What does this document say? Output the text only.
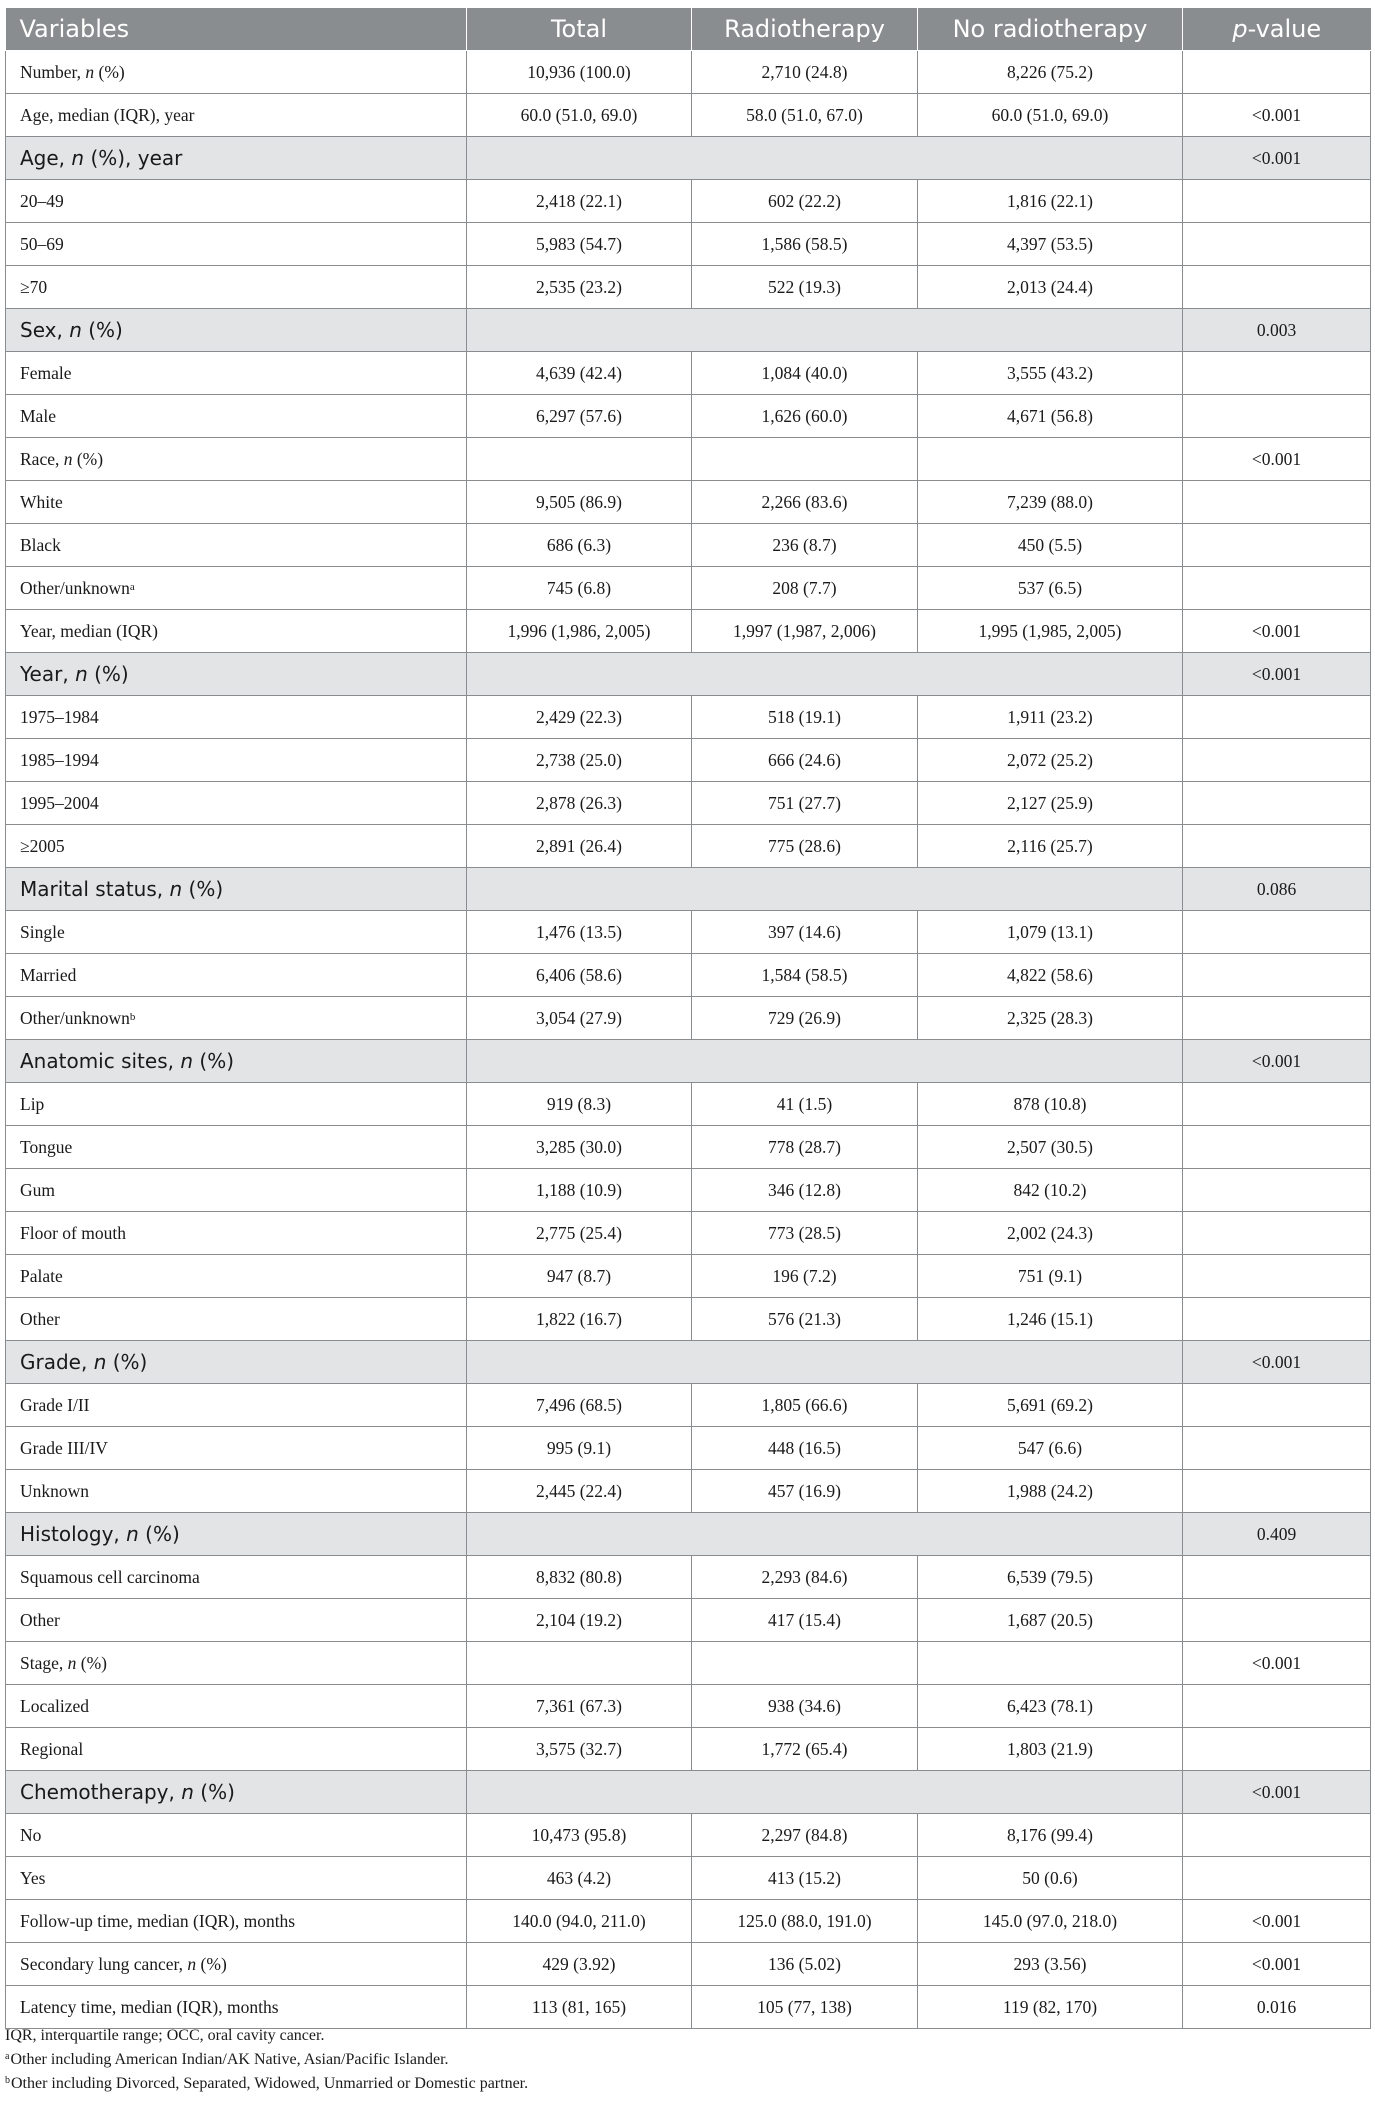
Variables	Total	Radiotherapy	No radiotherapy	p-value
Number, n (%)	10,936 (100.0)	2,710 (24.8)	8,226 (75.2)	
Age, median (IQR), year	60.0 (51.0, 69.0)	58.0 (51.0, 67.0)	60.0 (51.0, 69.0)	<0.001
Age, n (%), year				<0.001
20–49	2,418 (22.1)	602 (22.2)	1,816 (22.1)	
50–69	5,983 (54.7)	1,586 (58.5)	4,397 (53.5)	
≥70	2,535 (23.2)	522 (19.3)	2,013 (24.4)	
Sex, n (%)				0.003
Female	4,639 (42.4)	1,084 (40.0)	3,555 (43.2)	
Male	6,297 (57.6)	1,626 (60.0)	4,671 (56.8)	
Race, n (%)				<0.001
White	9,505 (86.9)	2,266 (83.6)	7,239 (88.0)	
Black	686 (6.3)	236 (8.7)	450 (5.5)	
Other/unknown$^a$	745 (6.8)	208 (7.7)	537 (6.5)	
Year, median (IQR)	1,996 (1,986, 2,005)	1,997 (1,987, 2,006)	1,995 (1,985, 2,005)	<0.001
Year, n (%)				<0.001
1975–1984	2,429 (22.3)	518 (19.1)	1,911 (23.2)	
1985–1994	2,738 (25.0)	666 (24.6)	2,072 (25.2)	
1995–2004	2,878 (26.3)	751 (27.7)	2,127 (25.9)	
≥2005	2,891 (26.4)	775 (28.6)	2,116 (25.7)	
Marital status, n (%)				0.086
Single	1,476 (13.5)	397 (14.6)	1,079 (13.1)	
Married	6,406 (58.6)	1,584 (58.5)	4,822 (58.6)	
Other/unknown$^b$	3,054 (27.9)	729 (26.9)	2,325 (28.3)	
Anatomic sites, n (%)				<0.001
Lip	919 (8.3)	41 (1.5)	878 (10.8)	
Tongue	3,285 (30.0)	778 (28.7)	2,507 (30.5)	
Gum	1,188 (10.9)	346 (12.8)	842 (10.2)	
Floor of mouth	2,775 (25.4)	773 (28.5)	2,002 (24.3)	
Palate	947 (8.7)	196 (7.2)	751 (9.1)	
Other	1,822 (16.7)	576 (21.3)	1,246 (15.1)	
Grade, n (%)				<0.001
Grade I/II	7,496 (68.5)	1,805 (66.6)	5,691 (69.2)	
Grade III/IV	995 (9.1)	448 (16.5)	547 (6.6)	
Unknown	2,445 (22.4)	457 (16.9)	1,988 (24.2)	
Histology, n (%)				0.409
Squamous cell carcinoma	8,832 (80.8)	2,293 (84.6)	6,539 (79.5)	
Other	2,104 (19.2)	417 (15.4)	1,687 (20.5)	
Stage, n (%)				<0.001
Localized	7,361 (67.3)	938 (34.6)	6,423 (78.1)	
Regional	3,575 (32.7)	1,772 (65.4)	1,803 (21.9)	
Chemotherapy, n (%)				<0.001
No	10,473 (95.8)	2,297 (84.8)	8,176 (99.4)	
Yes	463 (4.2)	413 (15.2)	50 (0.6)	
Follow-up time, median (IQR), months	140.0 (94.0, 211.0)	125.0 (88.0, 191.0)	145.0 (97.0, 218.0)	<0.001
Secondary lung cancer, n (%)	429 (3.92)	136 (5.02)	293 (3.56)	<0.001
Latency time, median (IQR), months	113 (81, 165)	105 (77, 138)	119 (82, 170)	0.016
IQR, interquartile range; OCC, oral cavity cancer.
$^a$Other including American Indian/AK Native, Asian/Pacific Islander.
$^b$Other including Divorced, Separated, Widowed, Unmarried or Domestic partner.
